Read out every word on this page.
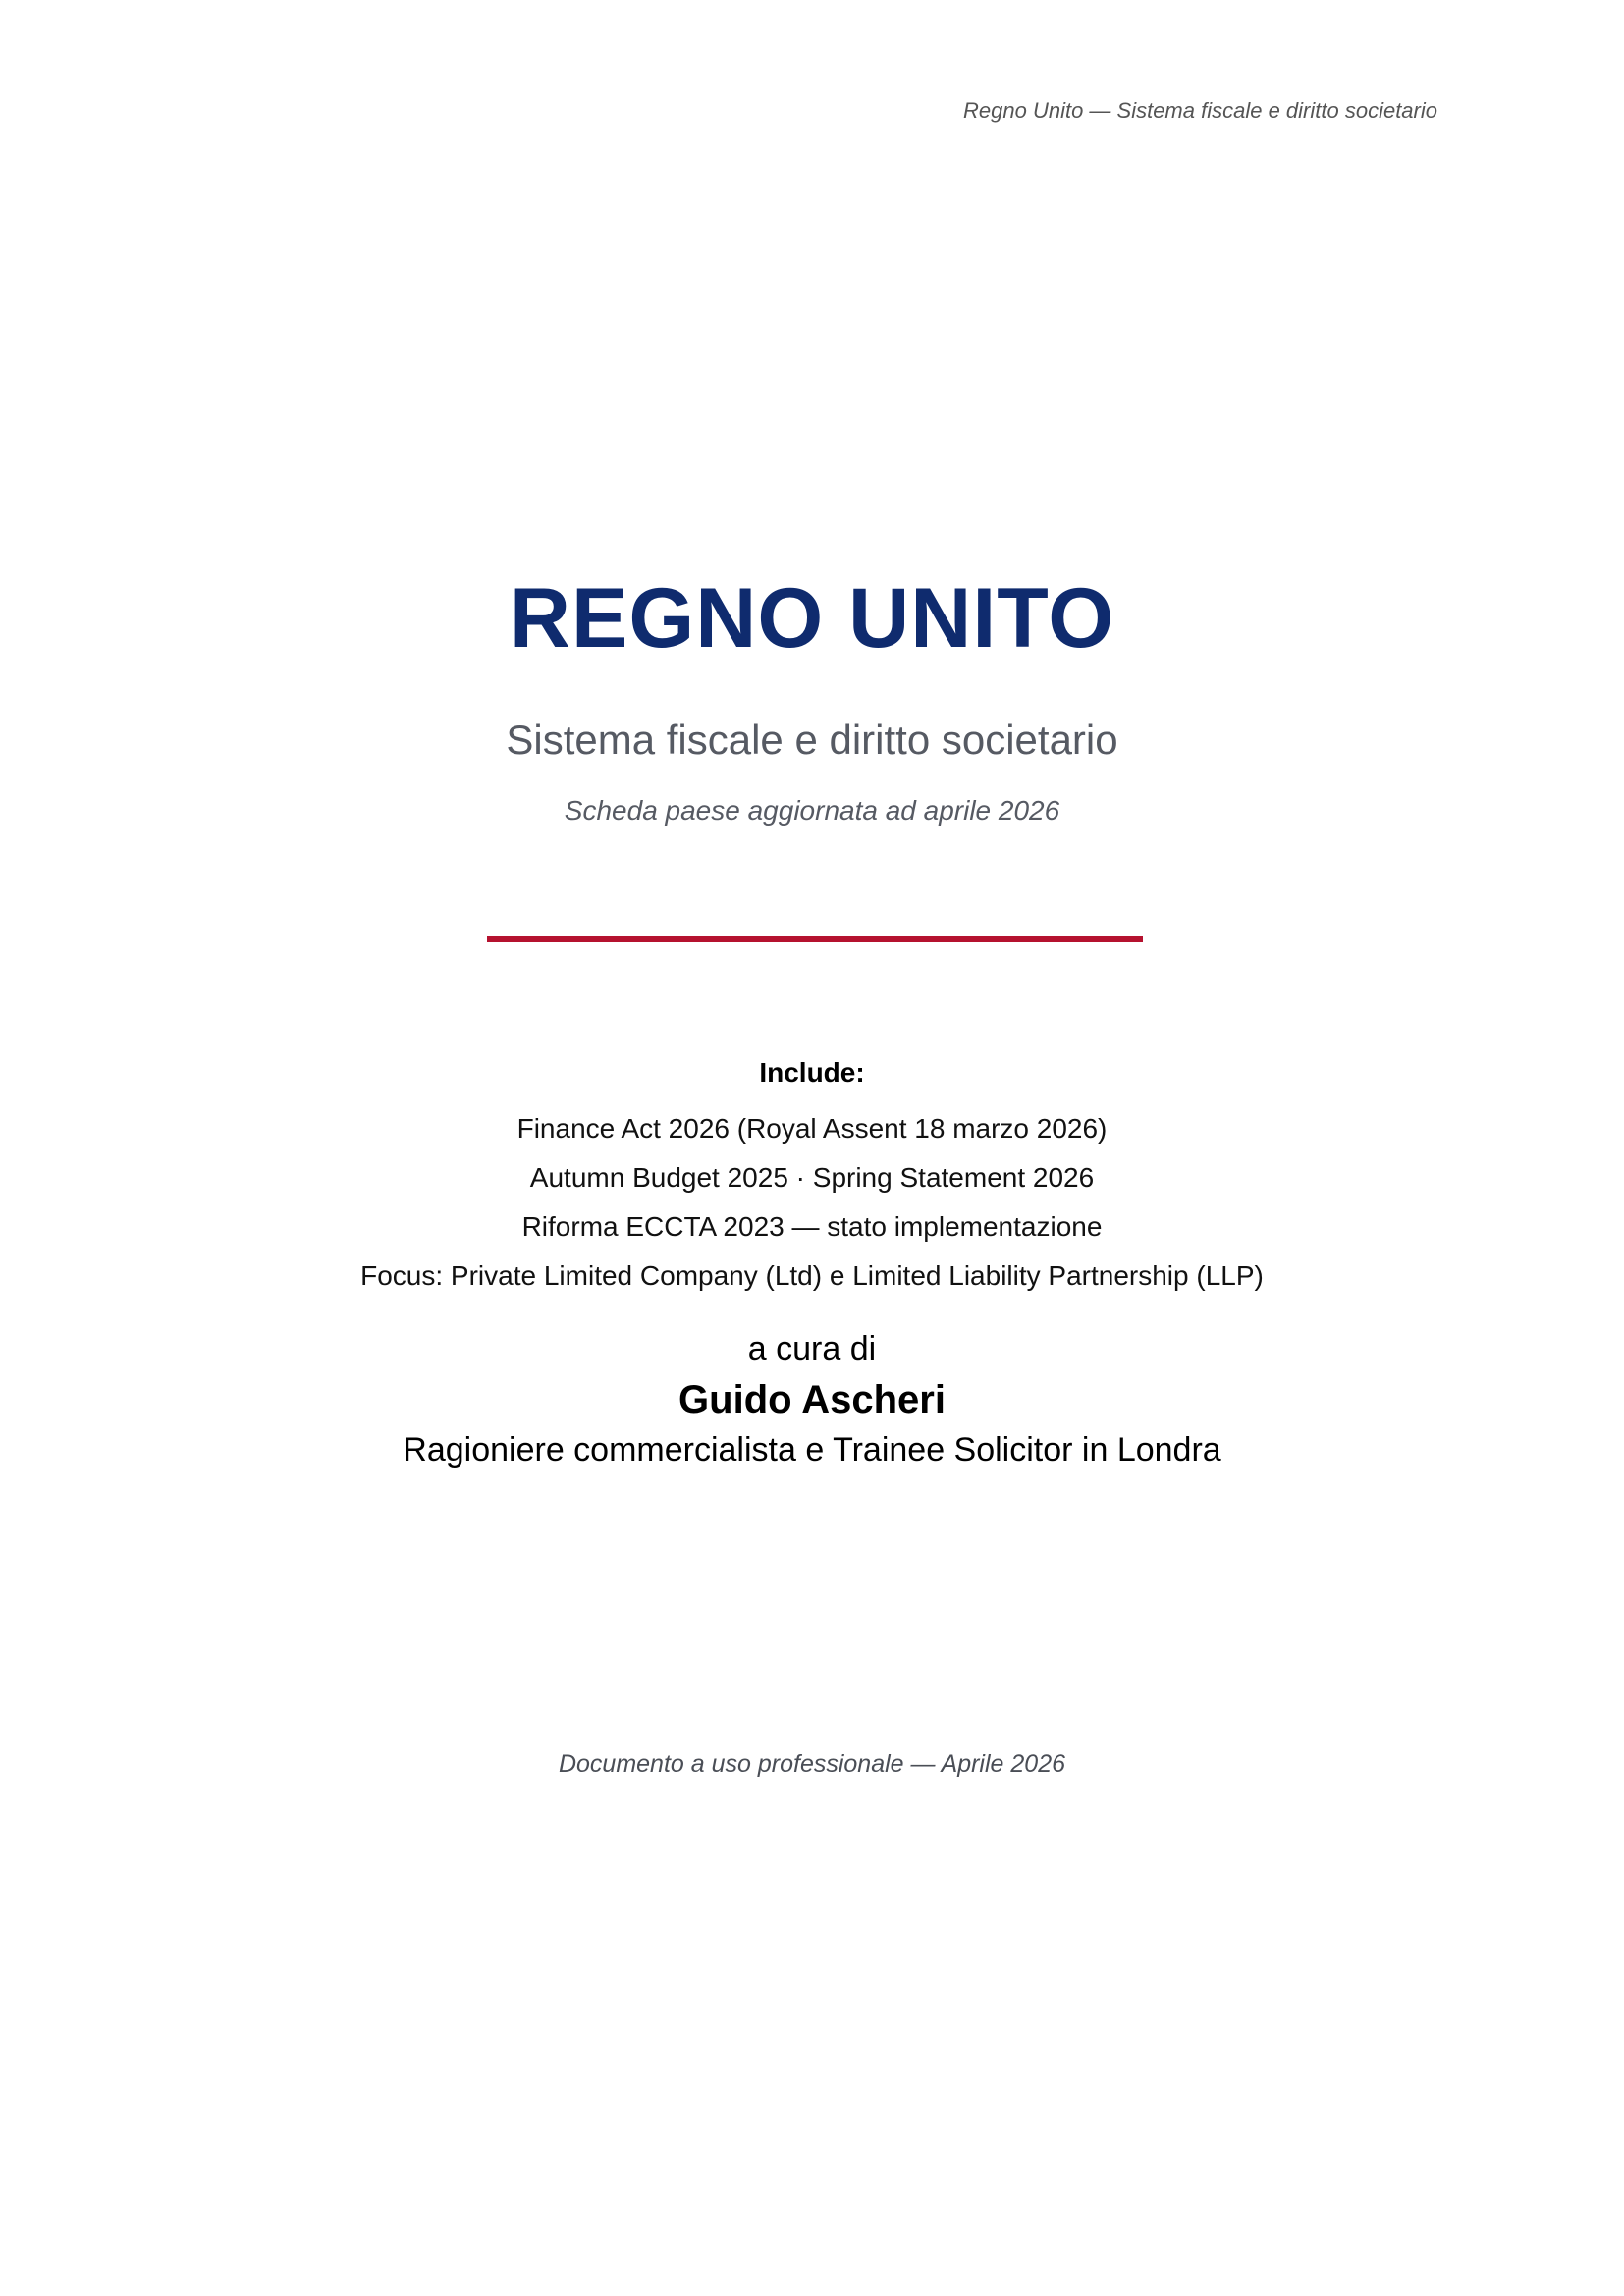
Regno Unito — Sistema fiscale e diritto societario
REGNO UNITO
Sistema fiscale e diritto societario
Scheda paese aggiornata ad aprile 2026
Include:
Finance Act 2026 (Royal Assent 18 marzo 2026)
Autumn Budget 2025 · Spring Statement 2026
Riforma ECCTA 2023 — stato implementazione
Focus: Private Limited Company (Ltd) e Limited Liability Partnership (LLP)
a cura di
Guido Ascheri
Ragioniere commercialista e Trainee Solicitor in Londra
Documento a uso professionale — Aprile 2026
